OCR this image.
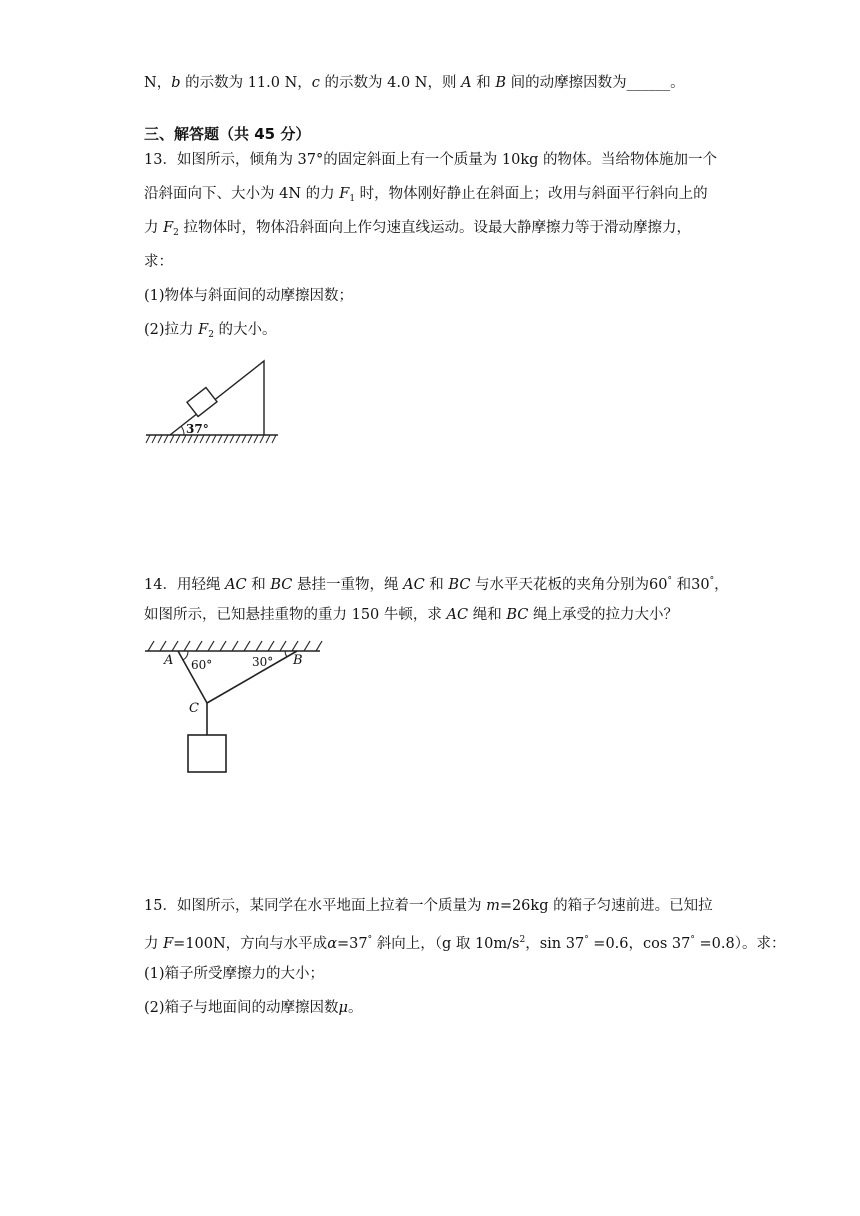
N，b 的示数为 11.0 N，c 的示数为 4.0 N，则 A 和 B 间的动摩擦因数为______。
三、解答题（共 45 分）
13．如图所示，倾角为 37°的固定斜面上有一个质量为 10kg 的物体。当给物体施加一个
沿斜面向下、大小为 4N 的力 $F_1$ 时，物体刚好静止在斜面上；改用与斜面平行斜向上的
力 $F_2$ 拉物体时，物体沿斜面向上作匀速直线运动。设最大静摩擦力等于滑动摩擦力，
求：
(1)物体与斜面间的动摩擦因数；
(2)拉力 $F_2$ 的大小。
37°
14．用轻绳 AC 和 BC 悬挂一重物，绳 AC 和 BC 与水平天花板的夹角分别为60° 和30°，
如图所示，已知悬挂重物的重力 150 牛顿，求 AC 绳和 BC 绳上承受的拉力大小？
A	B
C
60°	30°
15．如图所示，某同学在水平地面上拉着一个质量为 m=26kg 的箱子匀速前进。已知拉
力 F=100N，方向与水平成α=37° 斜向上，（g 取 $10m/s^2$，sin 37° =0.6，cos 37° =0.8）。求：
(1)箱子所受摩擦力的大小；
(2)箱子与地面间的动摩擦因数μ。
